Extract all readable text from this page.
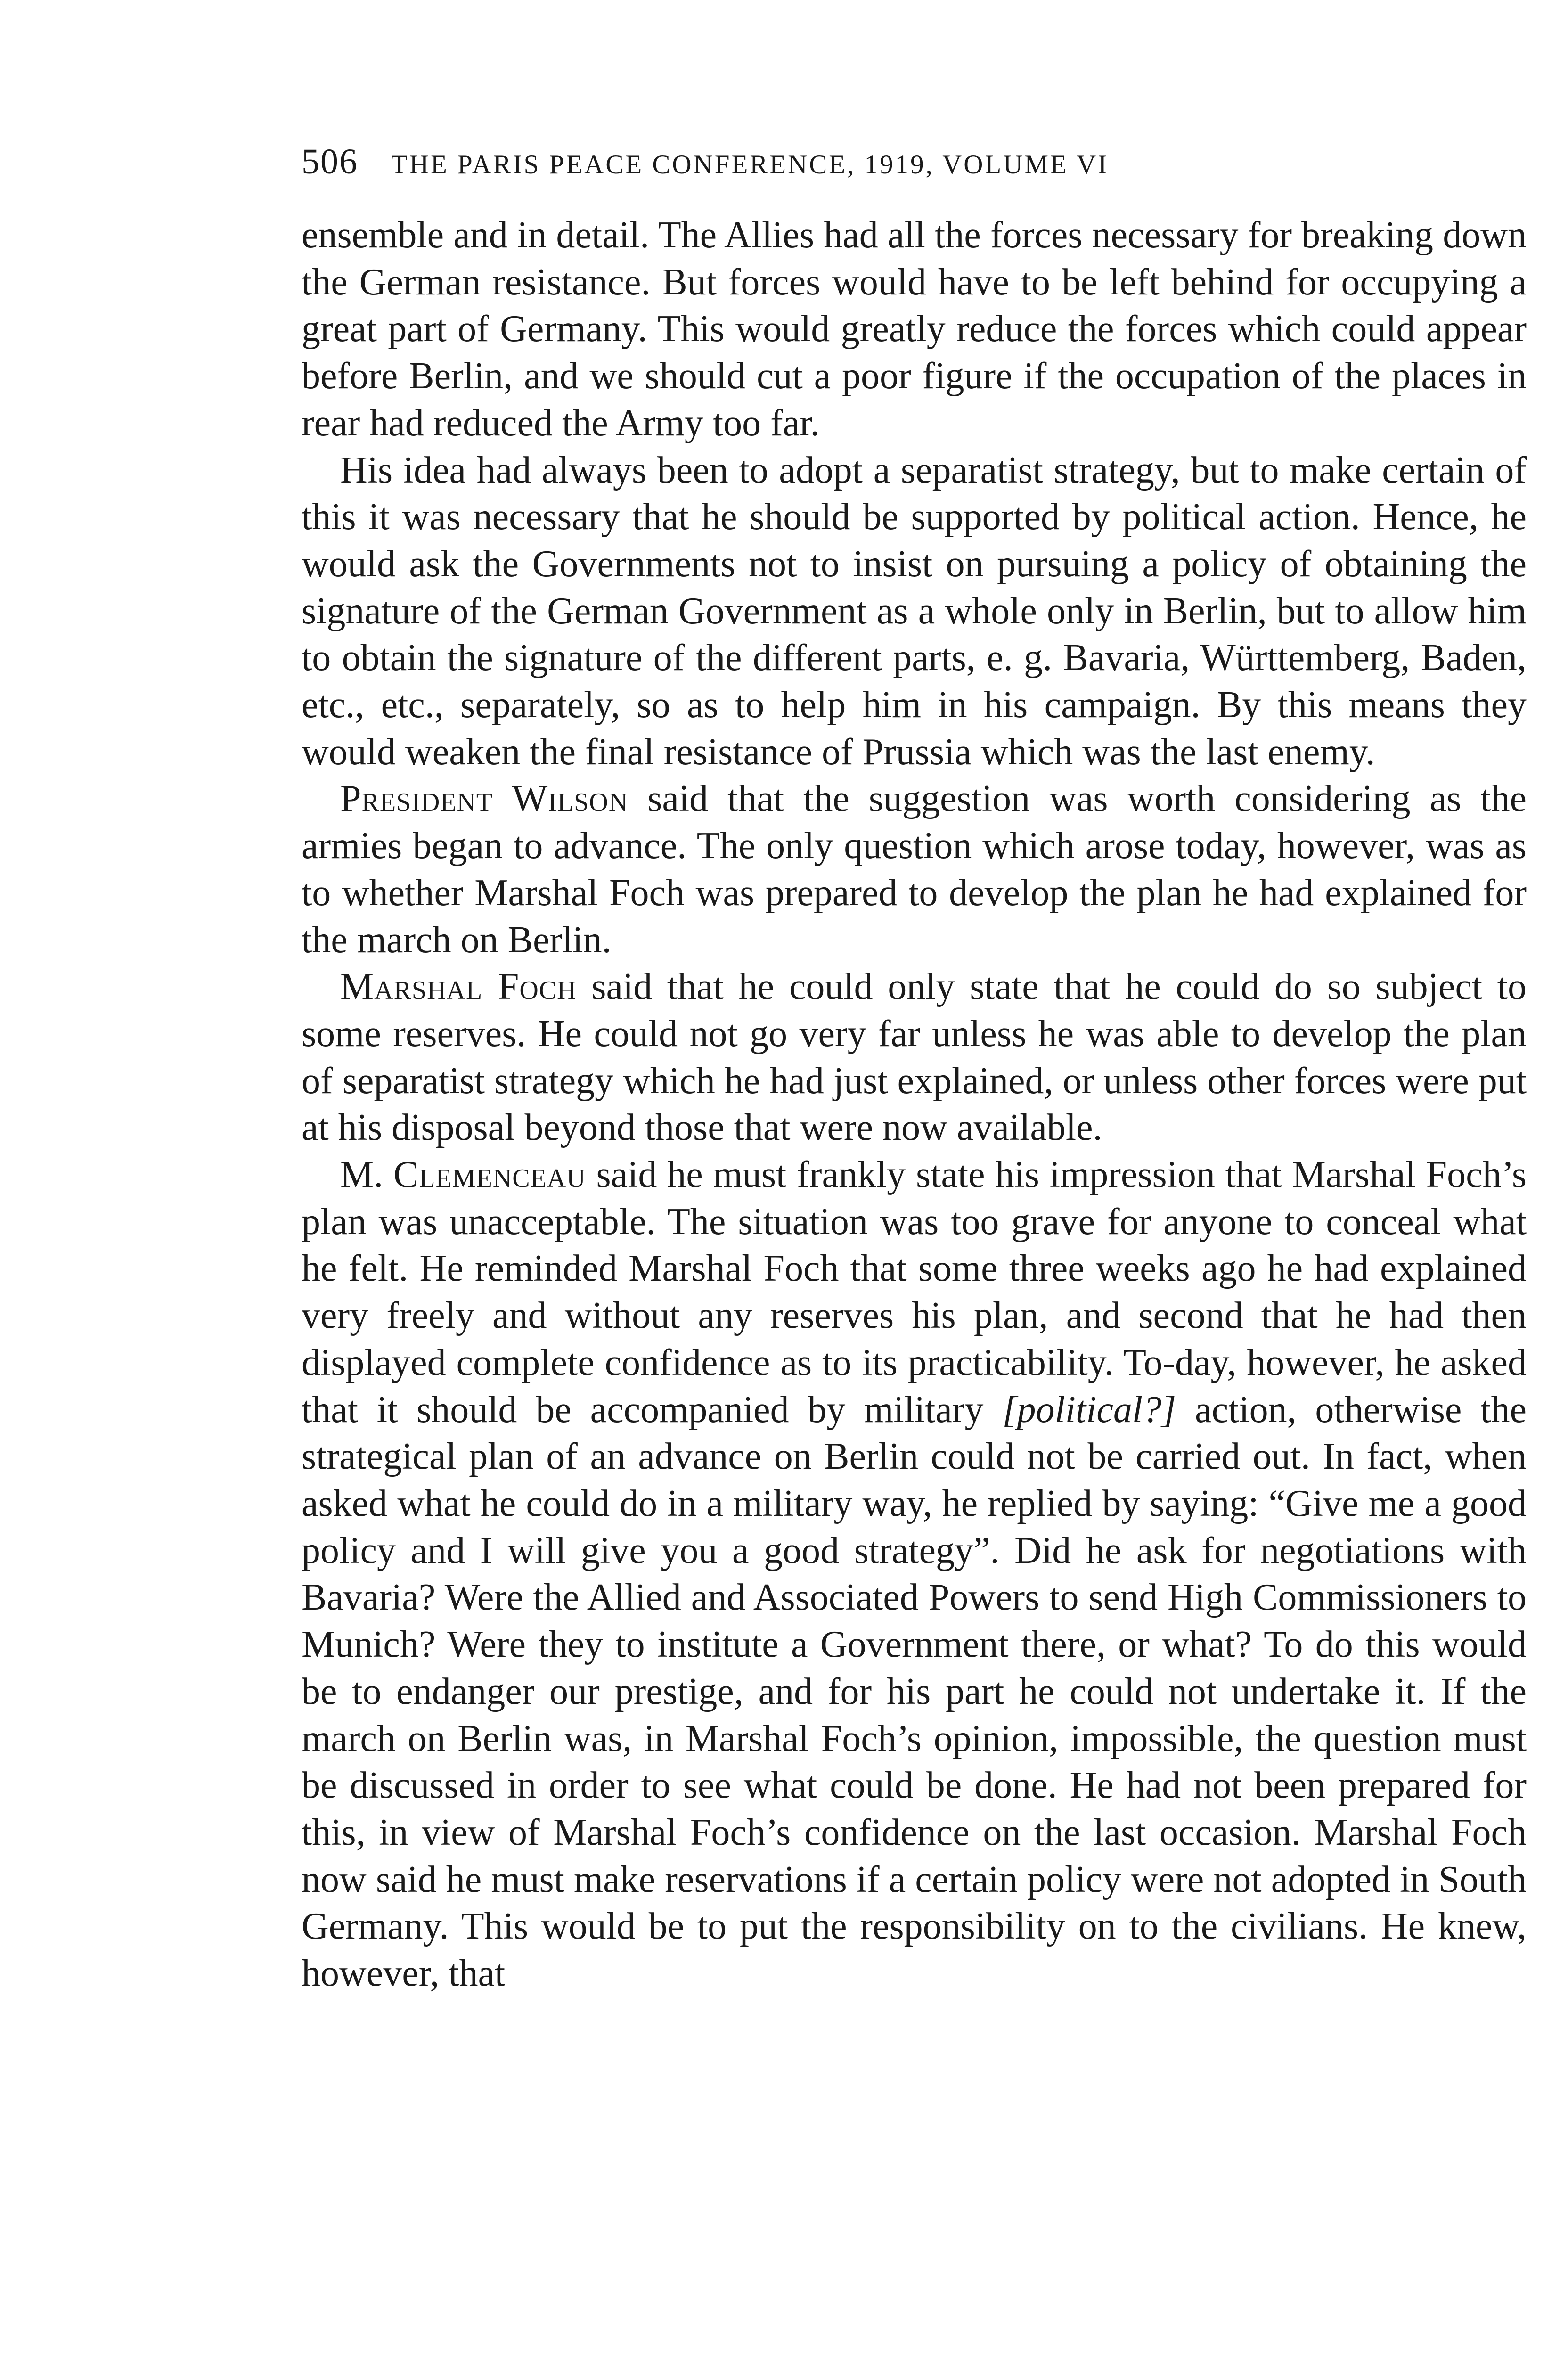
506 THE PARIS PEACE CONFERENCE, 1919, VOLUME VI

ensemble and in detail. The Allies had all the forces necessary for breaking down the German resistance. But forces would have to be left behind for occupying a great part of Germany. This would greatly reduce the forces which could appear before Berlin, and we should cut a poor figure if the occupation of the places in rear had reduced the Army too far.

His idea had always been to adopt a separatist strategy, but to make certain of this it was necessary that he should be supported by political action. Hence, he would ask the Governments not to insist on pursuing a policy of obtaining the signature of the German Government as a whole only in Berlin, but to allow him to obtain the signature of the different parts, e. g. Bavaria, Württemberg, Baden, etc., etc., separately, so as to help him in his campaign. By this means they would weaken the final resistance of Prussia which was the last enemy.

President Wilson said that the suggestion was worth considering as the armies began to advance. The only question which arose today, however, was as to whether Marshal Foch was prepared to develop the plan he had explained for the march on Berlin.

Marshal Foch said that he could only state that he could do so subject to some reserves. He could not go very far unless he was able to develop the plan of separatist strategy which he had just explained, or unless other forces were put at his disposal beyond those that were now available.

M. Clemenceau said he must frankly state his impression that Marshal Foch’s plan was unacceptable. The situation was too grave for anyone to conceal what he felt. He reminded Marshal Foch that some three weeks ago he had explained very freely and without any reserves his plan, and second that he had then displayed complete confidence as to its practicability. To-day, however, he asked that it should be accompanied by military [political?] action, otherwise the strategical plan of an advance on Berlin could not be carried out. In fact, when asked what he could do in a military way, he replied by saying: “Give me a good policy and I will give you a good strategy”. Did he ask for negotiations with Bavaria? Were the Allied and Associated Powers to send High Commissioners to Munich? Were they to institute a Government there, or what? To do this would be to endanger our prestige, and for his part he could not undertake it. If the march on Berlin was, in Marshal Foch’s opinion, impossible, the question must be discussed in order to see what could be done. He had not been prepared for this, in view of Marshal Foch’s confidence on the last occasion. Marshal Foch now said he must make reservations if a certain policy were not adopted in South Germany. This would be to put the responsibility on to the civilians. He knew, however, that
